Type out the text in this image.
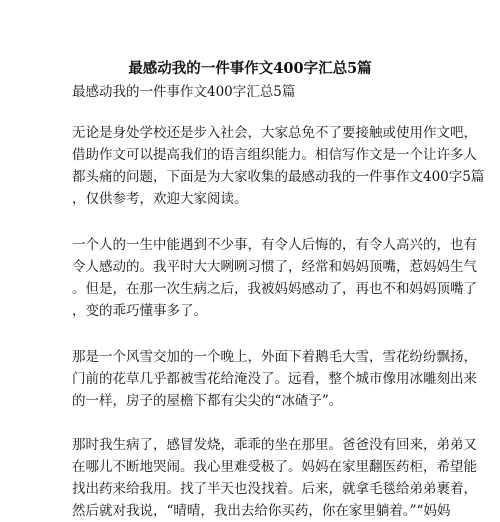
最感动我的一件事作文400字汇总5篇
最感动我的一件事作文400字汇总5篇
无论是身处学校还是步入社会，大家总免不了要接触或使用作文吧，
借助作文可以提高我们的语言组织能力。相信写作文是一个让许多人
都头痛的问题，下面是为大家收集的最感动我的一件事作文400字5篇
，仅供参考，欢迎大家阅读。
一个人的一生中能遇到不少事，有令人后悔的，有令人高兴的，也有
令人感动的。我平时大大咧咧习惯了，经常和妈妈顶嘴，惹妈妈生气
。但是，在那一次生病之后，我被妈妈感动了，再也不和妈妈顶嘴了
，变的乖巧懂事多了。
那是一个风雪交加的一个晚上，外面下着鹅毛大雪，雪花纷纷飘扬，
门前的花草几乎都被雪花给淹没了。远看，整个城市像用冰雕刻出来
的一样，房子的屋檐下都有尖尖的“冰碴子”。
那时我生病了，感冒发烧，乖乖的坐在那里。爸爸没有回来，弟弟又
在哪儿不断地哭闹。我心里难受极了。妈妈在家里翻医药柜，希望能
找出药来给我用。找了半天也没找着。后来，就拿毛毯给弟弟裹着，
然后就对我说，“晴晴，我出去给你买药，你在家里躺着。”“妈妈
